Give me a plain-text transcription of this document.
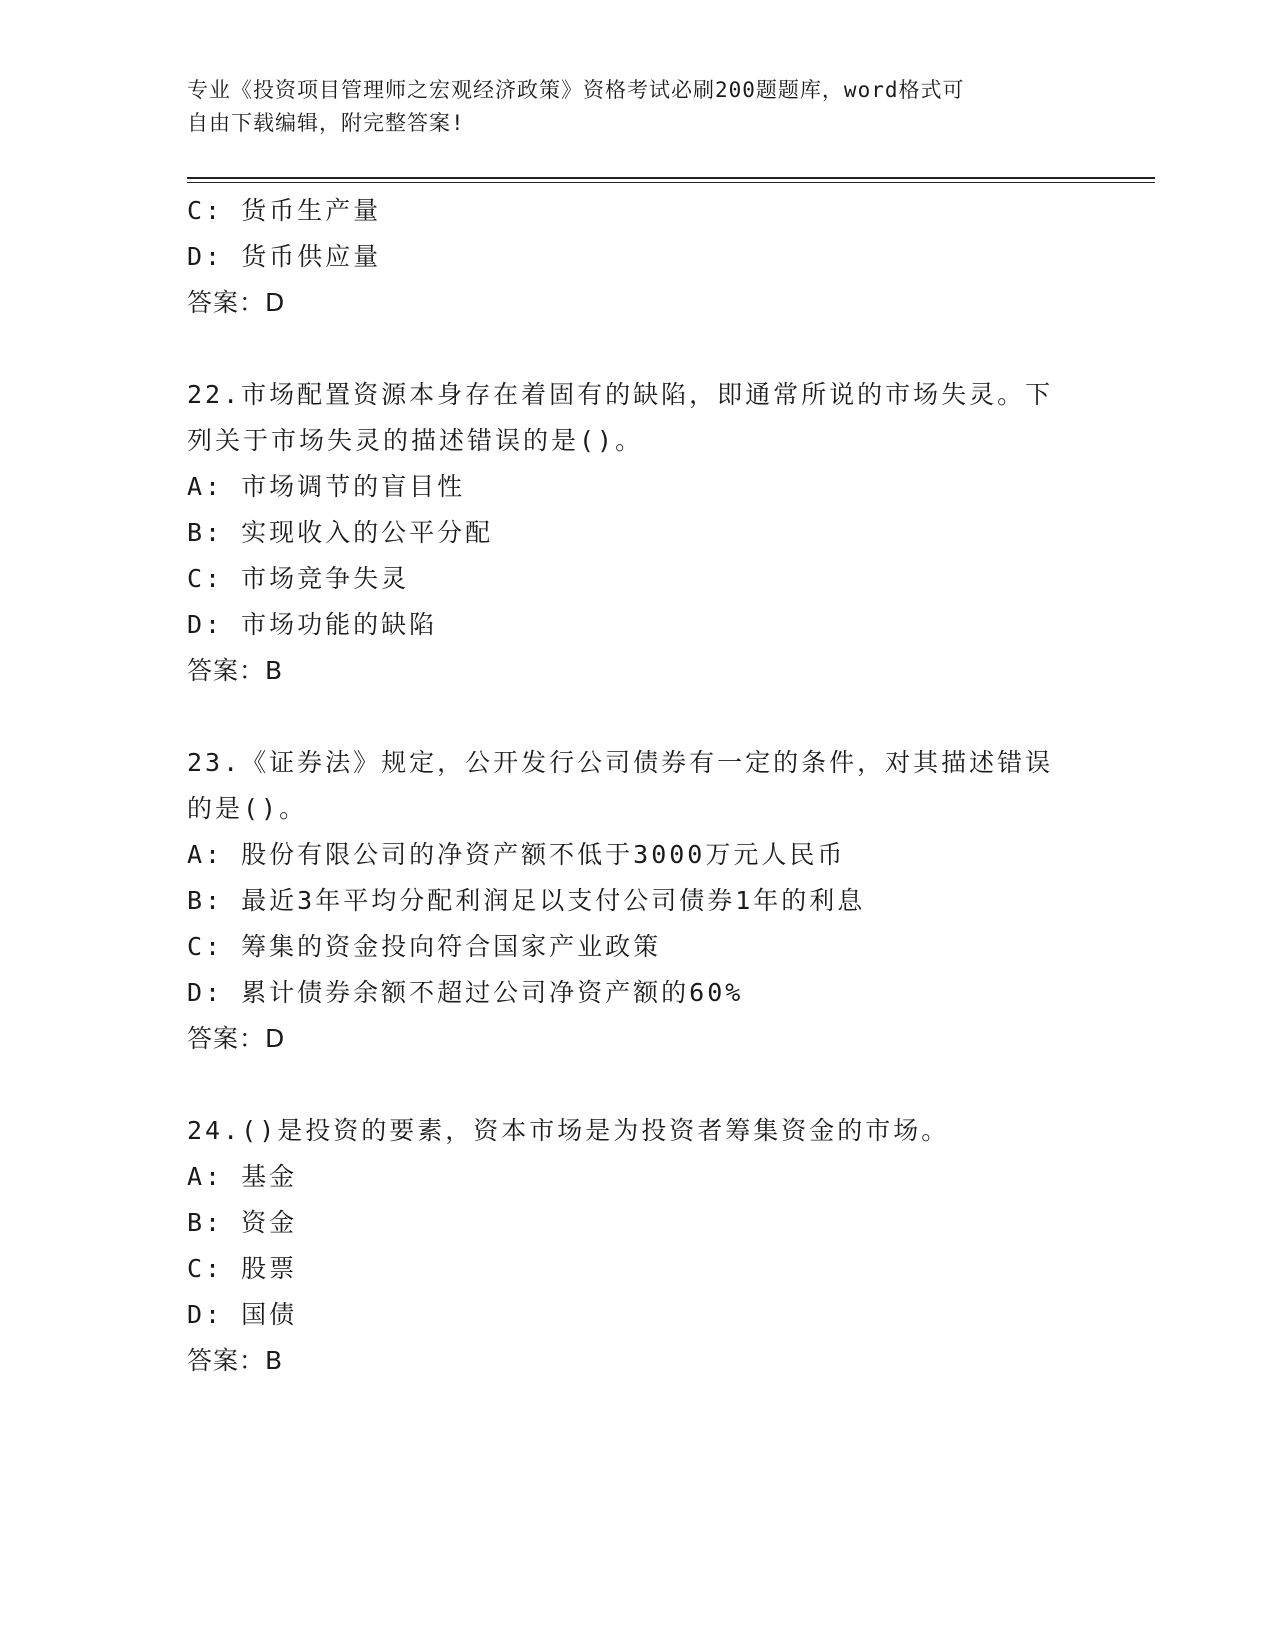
专业《投资项目管理师之宏观经济政策》资格考试必刷200题题库，word格式可
自由下载编辑，附完整答案!
C: 货币生产量
D: 货币供应量
答案：D
22.市场配置资源本身存在着固有的缺陷，即通常所说的市场失灵。下
列关于市场失灵的描述错误的是()。
A: 市场调节的盲目性
B: 实现收入的公平分配
C: 市场竞争失灵
D: 市场功能的缺陷
答案：B
23.《证券法》规定，公开发行公司债券有一定的条件，对其描述错误
的是()。
A: 股份有限公司的净资产额不低于3000万元人民币
B: 最近3年平均分配利润足以支付公司债券1年的利息
C: 筹集的资金投向符合国家产业政策
D: 累计债券余额不超过公司净资产额的60%
答案：D
24.()是投资的要素，资本市场是为投资者筹集资金的市场。
A: 基金
B: 资金
C: 股票
D: 国债
答案：B
